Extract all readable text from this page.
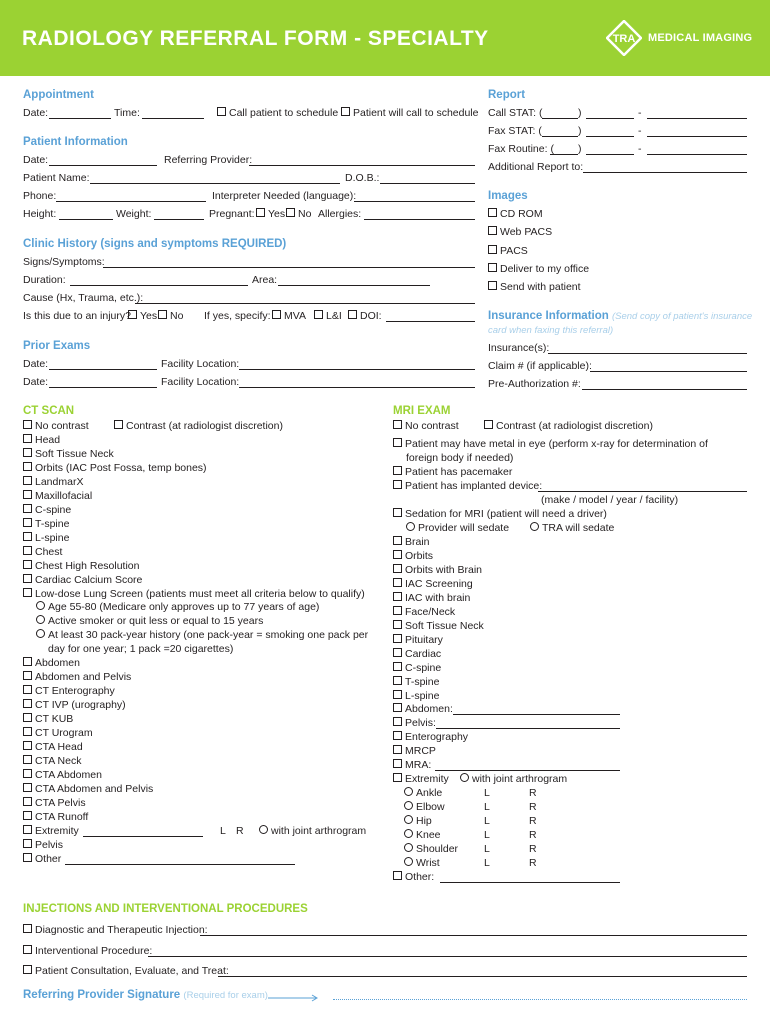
RADIOLOGY REFERRAL FORM - SPECIALTY	TRA MEDICAL IMAGING
Appointment
Date:	Time:	Call patient to schedule	Patient will call to schedule
Patient Information
Date:	Referring Provider:
Patient Name:	D.O.B.:
Phone:	Interpreter Needed (language):
Height:	Weight:	Pregnant:	Yes	No Allergies:
Clinic History (signs and symptoms REQUIRED)
Signs/Symptoms:
Duration:	Area:
Cause (Hx, Trauma, etc.):
Is this due to an injury? Yes	No If yes, specify:	MVA	L&I	DOI:
Prior Exams
Date:	Facility Location:
Date:	Facility Location:
Report
Call STAT: (	)	-
Fax STAT: (	)	-
Fax Routine: ( )	-
Additional Report to:
Images
CD ROM
Web PACS
PACS
Deliver to my office
Send with patient
Insurance Information (Send copy of patient's insurance
card when faxing this referral)
Insurance(s):
Claim # (if applicable):
Pre-Authorization #:
CT SCAN
No contrast	Contrast (at radiologist discretion)
Head
Soft Tissue Neck
Orbits (IAC Post Fossa, temp bones)
LandmarX
Maxillofacial
C-spine
T-spine
L-spine
Chest
Chest High Resolution
Cardiac Calcium Score
Low-dose Lung Screen (patients must meet all criteria below to qualify)
Age 55-80 (Medicare only approves up to 77 years of age)
Active smoker or quit less or equal to 15 years
At least 30 pack-year history (one pack-year = smoking one pack per
day for one year; 1 pack =20 cigarettes)
Abdomen
Abdomen and Pelvis
CT Enterography
CT IVP (urography)
CT KUB
CT Urogram
CTA Head
CTA Neck
CTA Abdomen
CTA Abdomen and Pelvis
CTA Pelvis
CTA Runoff
Extremity	L R	with joint arthrogram
Pelvis
Other
MRI EXAM
No contrast	Contrast (at radiologist discretion)
Patient may have metal in eye (perform x-ray for determination of
foreign body if needed)
Patient has pacemaker
Patient has implanted device:
(make / model / year / facility)
Sedation for MRI (patient will need a driver)
Provider will sedate	TRA will sedate
Brain
Orbits
Orbits with Brain
IAC Screening
IAC with brain
Face/Neck
Soft Tissue Neck
Pituitary
Cardiac
C-spine
T-spine
L-spine
Abdomen:
Pelvis:
Enterography
MRCP
MRA:
Extremity	with joint arthrogram
Ankle	L	R
Elbow	L	R
Hip	L	R
Knee	L	R
Shoulder L	R
Wrist	L	R
Other:
INJECTIONS AND INTERVENTIONAL PROCEDURES
Diagnostic and Therapeutic Injection:
Interventional Procedure:
Patient Consultation, Evaluate, and Treat:
Referring Provider Signature (Required for exam)
